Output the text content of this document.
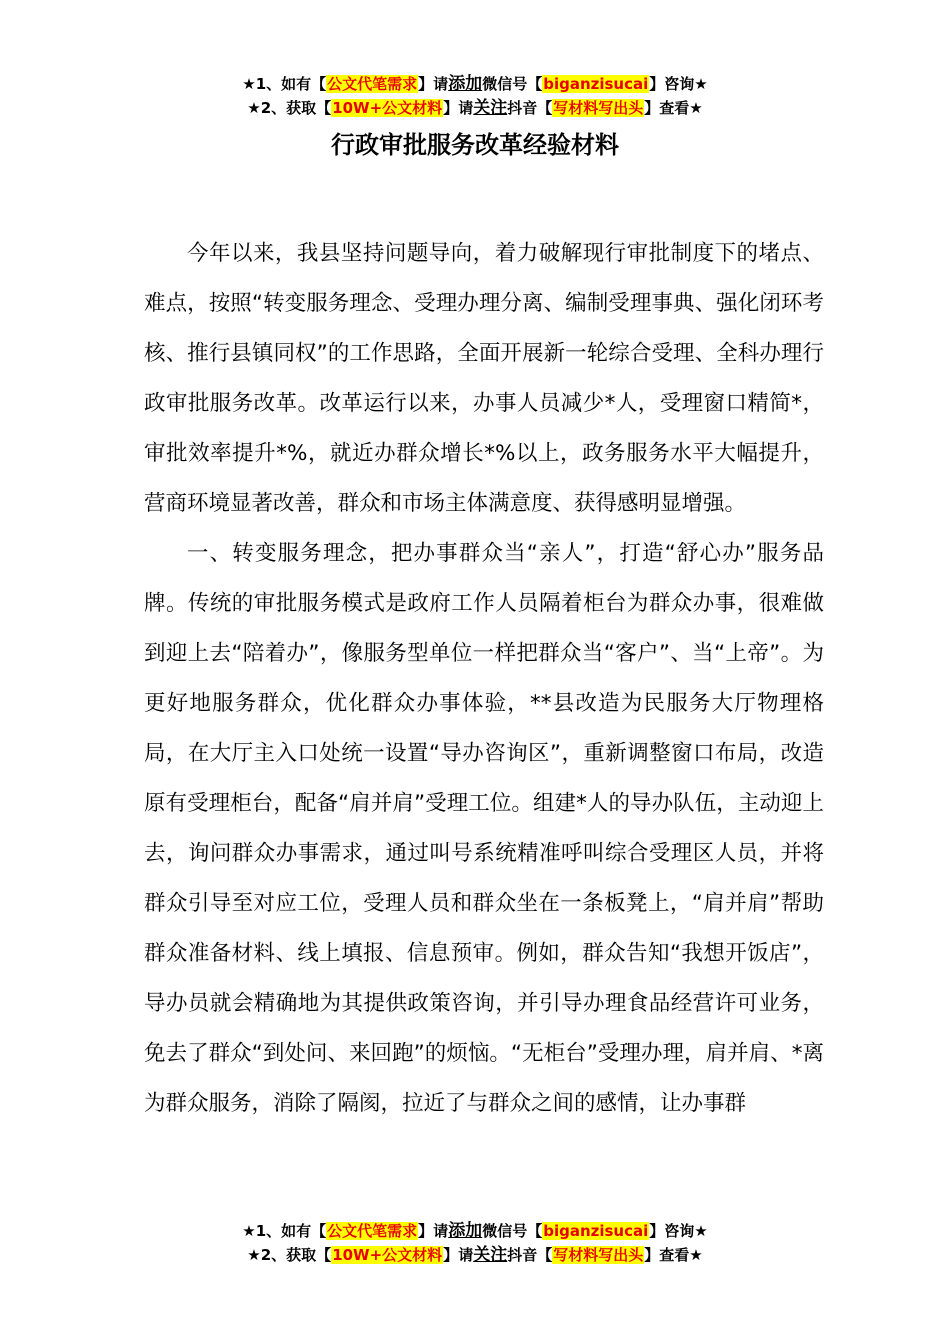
★1、如有【公文代笔需求】请添加微信号【biganzisucai】咨询★
★2、获取【10W+公文材料】请关注抖音【写材料写出头】查看★
行政审批服务改革经验材料

今年以来，我县坚持问题导向，着力破解现行审批制度下的堵点、难点，按照“转变服务理念、受理办理分离、编制受理事典、强化闭环考核、推行县镇同权”的工作思路，全面开展新一轮综合受理、全科办理行政审批服务改革。改革运行以来，办事人员减少*人，受理窗口精简*，审批效率提升*%，就近办群众增长*%以上，政务服务水平大幅提升，营商环境显著改善，群众和市场主体满意度、获得感明显增强。

一、转变服务理念，把办事群众当“亲人”，打造“舒心办”服务品牌。传统的审批服务模式是政府工作人员隔着柜台为群众办事，很难做到迎上去“陪着办”，像服务型单位一样把群众当“客户”、当“上帝”。为更好地服务群众，优化群众办事体验，**县改造为民服务大厅物理格局，在大厅主入口处统一设置“导办咨询区”，重新调整窗口布局，改造原有受理柜台，配备“肩并肩”受理工位。组建*人的导办队伍，主动迎上去，询问群众办事需求，通过叫号系统精准呼叫综合受理区人员，并将群众引导至对应工位，受理人员和群众坐在一条板凳上，“肩并肩”帮助群众准备材料、线上填报、信息预审。例如，群众告知“我想开饭店”，导办员就会精确地为其提供政策咨询，并引导办理食品经营许可业务，免去了群众“到处问、来回跑”的烦恼。“无柜台”受理办理，肩并肩、*离为群众服务，消除了隔阂，拉近了与群众之间的感情，让办事群

★1、如有【公文代笔需求】请添加微信号【biganzisucai】咨询★
★2、获取【10W+公文材料】请关注抖音【写材料写出头】查看★
